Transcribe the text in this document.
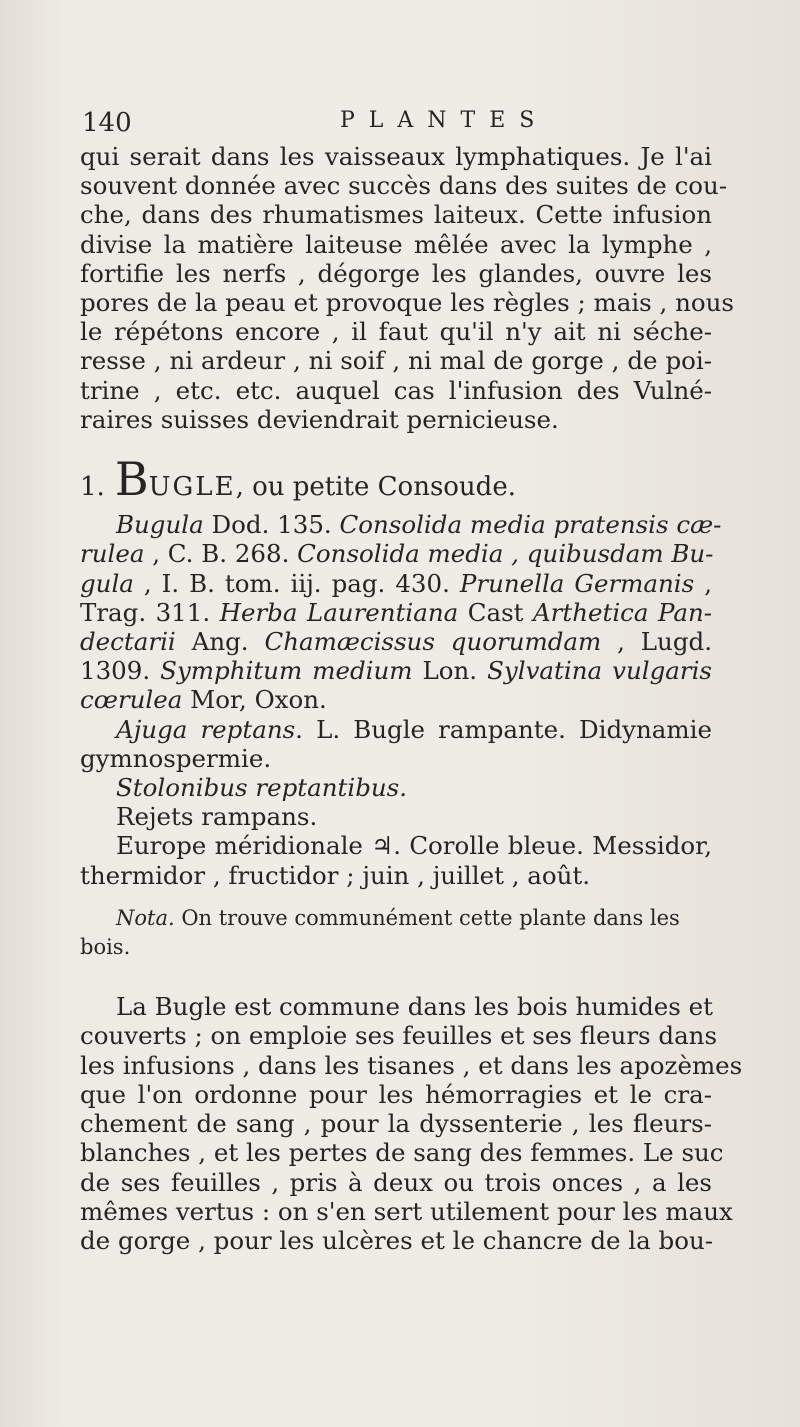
140	PLANTES
qui serait dans les vaisseaux lymphatiques. Je l'ai
souvent donnée avec succès dans des suites de cou-
che, dans des rhumatismes laiteux. Cette infusion
divise la matière laiteuse mêlée avec la lymphe ,
fortifie les nerfs , dégorge les glandes, ouvre les
pores de la peau et provoque les règles ; mais , nous
le répétons encore , il faut qu'il n'y ait ni séche-
resse , ni ardeur , ni soif , ni mal de gorge , de poi-
trine , etc. etc. auquel cas l'infusion des Vulné-
raires suisses deviendrait pernicieuse.
1. BUGLE, ou petite Consoude.
Bugula Dod. 135. Consolida media pratensis cæ-
rulea , C. B. 268. Consolida media , quibusdam Bu-
gula , I. B. tom. iij. pag. 430. Prunella Germanis ,
Trag. 311. Herba Laurentiana Cast Arthetica Pan-
dectarii Ang. Chamæcissus quorumdam , Lugd.
1309. Symphitum medium Lon. Sylvatina vulgaris
cœrulea Mor, Oxon.
Ajuga reptans. L. Bugle rampante. Didynamie
gymnospermie.
Stolonibus reptantibus.
Rejets rampans.
Europe méridionale ♃. Corolle bleue. Messidor,
thermidor , fructidor ; juin , juillet , août.
Nota. On trouve communément cette plante dans les
bois.
La Bugle est commune dans les bois humides et
couverts ; on emploie ses feuilles et ses fleurs dans
les infusions , dans les tisanes , et dans les apozèmes
que l'on ordonne pour les hémorragies et le cra-
chement de sang , pour la dyssenterie , les fleurs-
blanches , et les pertes de sang des femmes. Le suc
de ses feuilles , pris à deux ou trois onces , a les
mêmes vertus : on s'en sert utilement pour les maux
de gorge , pour les ulcères et le chancre de la bou-
